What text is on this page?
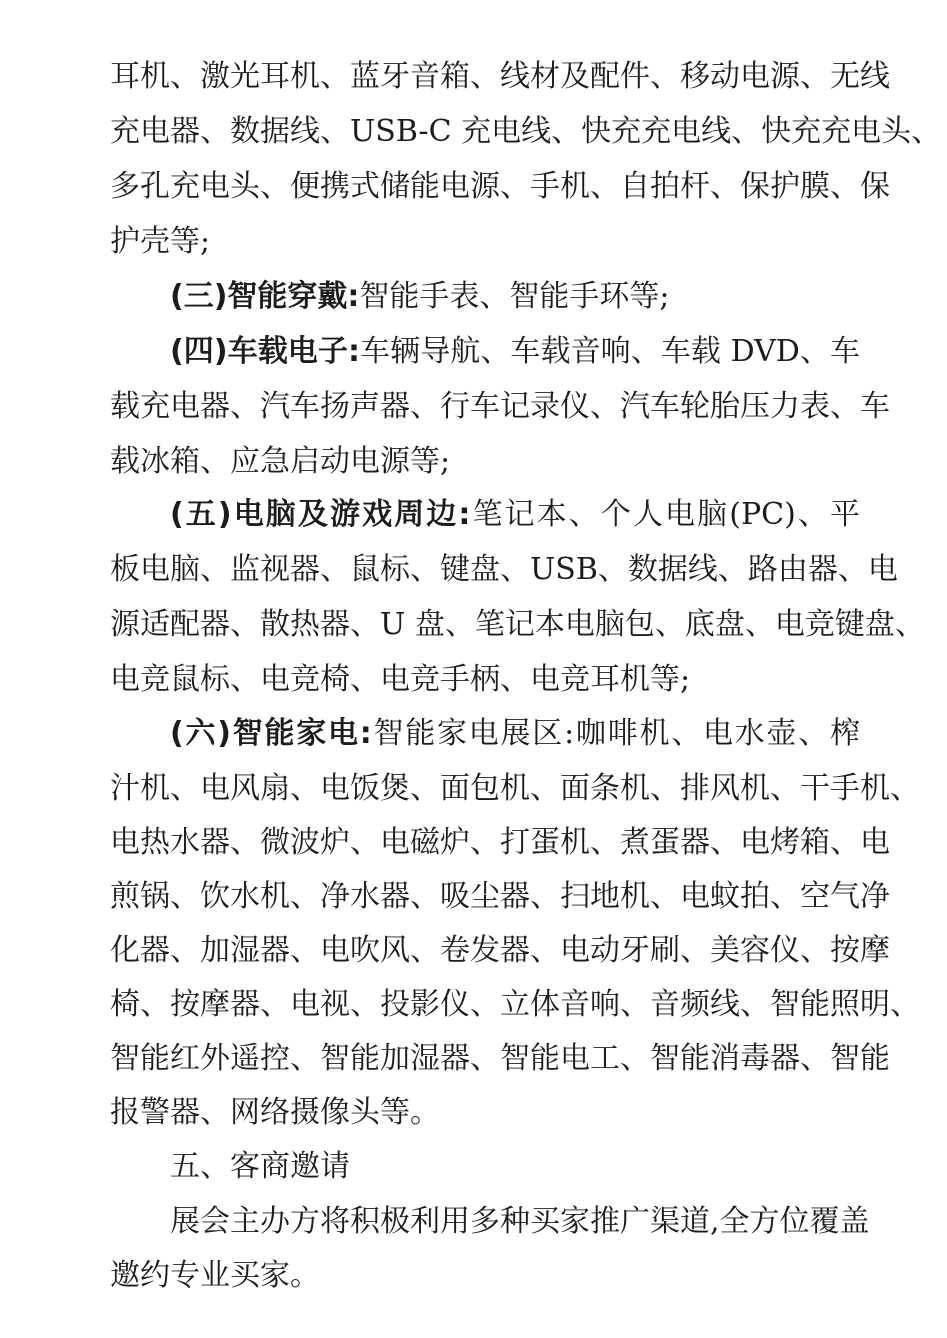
耳机、激光耳机、蓝牙音箱、线材及配件、移动电源、无线
充电器、数据线、USB-C 充电线、快充充电线、快充充电头、
多孔充电头、便携式储能电源、手机、自拍杆、保护膜、保
护壳等;
(三)智能穿戴:智能手表、智能手环等;
(四)车载电子:车辆导航、车载音响、车载 DVD、车
载充电器、汽车扬声器、行车记录仪、汽车轮胎压力表、车
载冰箱、应急启动电源等;
(五)电脑及游戏周边:笔记本、个人电脑(PC)、平
板电脑、监视器、鼠标、键盘、USB、数据线、路由器、电
源适配器、散热器、U 盘、笔记本电脑包、底盘、电竞键盘、
电竞鼠标、电竞椅、电竞手柄、电竞耳机等;
(六)智能家电:智能家电展区:咖啡机、电水壶、榨
汁机、电风扇、电饭煲、面包机、面条机、排风机、干手机、
电热水器、微波炉、电磁炉、打蛋机、煮蛋器、电烤箱、电
煎锅、饮水机、净水器、吸尘器、扫地机、电蚊拍、空气净
化器、加湿器、电吹风、卷发器、电动牙刷、美容仪、按摩
椅、按摩器、电视、投影仪、立体音响、音频线、智能照明、
智能红外遥控、智能加湿器、智能电工、智能消毒器、智能
报警器、网络摄像头等。
五、客商邀请
展会主办方将积极利用多种买家推广渠道,全方位覆盖
邀约专业买家。
